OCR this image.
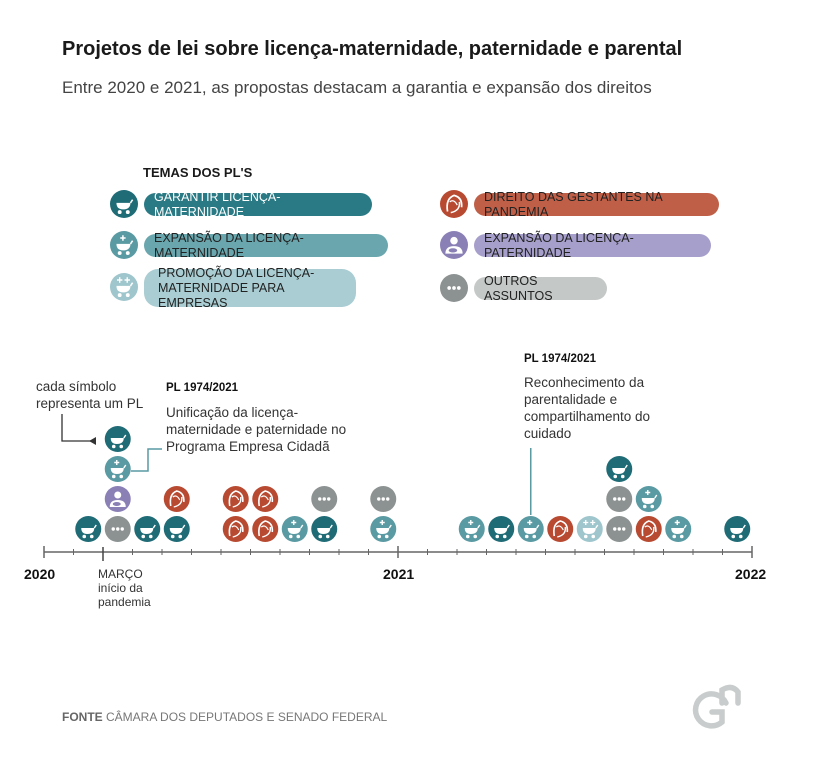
Projetos de lei sobre licença-maternidade, paternidade e parental

Entre 2020 e 2021, as propostas destacam a garantia e expansão dos direitos

TEMAS DOS PL'S
GARANTIR LICENÇA-MATERNIDADE
EXPANSÃO DA LICENÇA-MATERNIDADE
PROMOÇÃO DA LICENÇA-MATERNIDADE PARA EMPRESAS
DIREITO DAS GESTANTES NA PANDEMIA
EXPANSÃO DA LICENÇA-PATERNIDADE
OUTROS ASSUNTOS
cada símbolo representa um PL
PL 1974/2021
Unificação da licença-maternidade e paternidade no Programa Empresa Cidadã
PL 1974/2021
Reconhecimento da parentalidade e compartilhamento do cuidado
2020	2021	2022
MARÇO
início da pandemia
FONTE CÂMARA DOS DEPUTADOS E SENADO FEDERAL
